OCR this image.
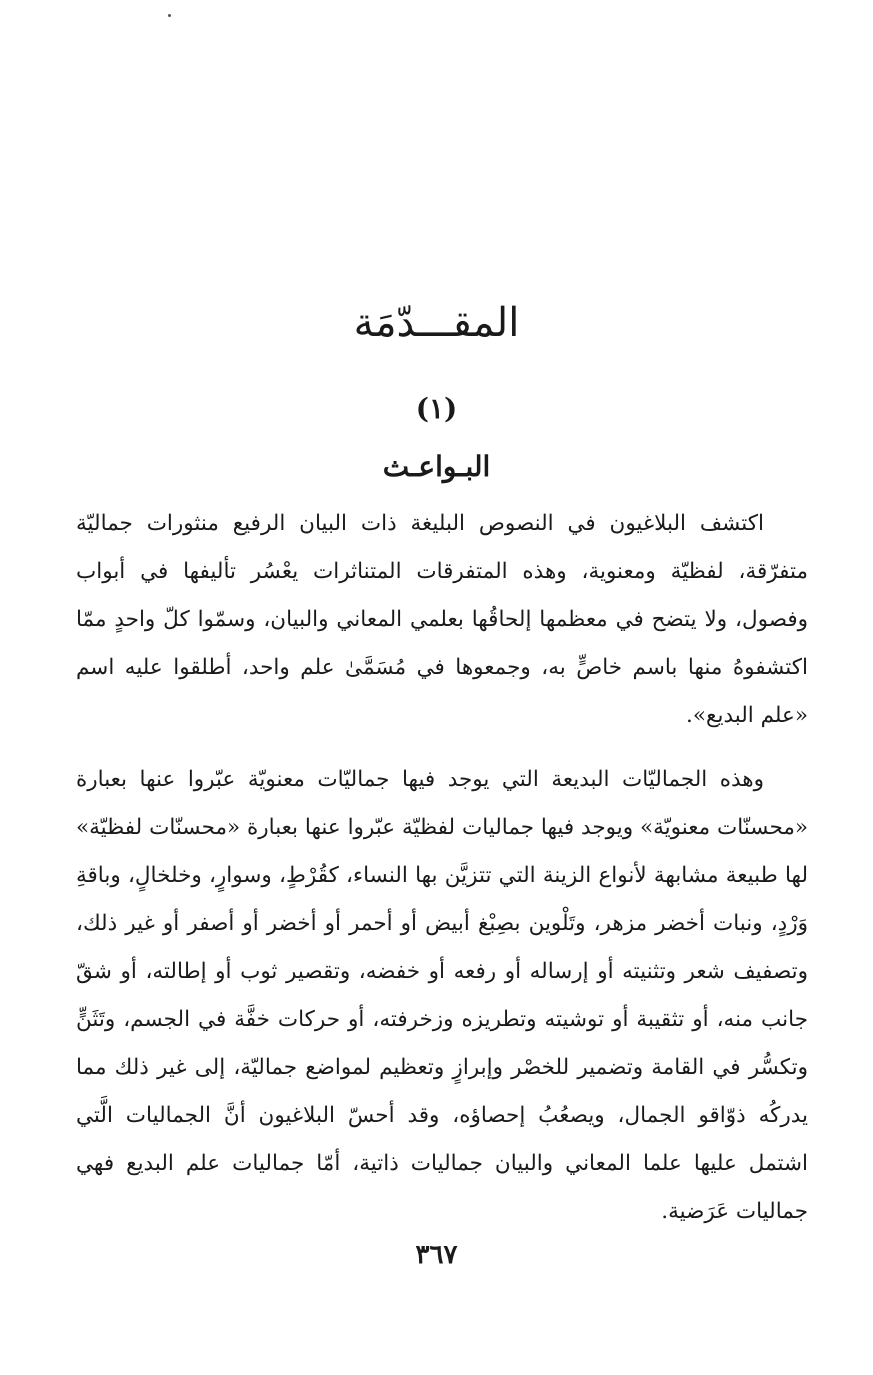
المقـــدّمَة
(١)
البـواعـث

اكتشف البلاغيون في النصوص البليغة ذات البيان الرفيع منثورات جماليّة متفرّقة، لفظيّة ومعنوية، وهذه المتفرقات المتناثرات يعْسُر تأليفها في أبواب وفصول، ولا يتضح في معظمها إلحاقُها بعلمي المعاني والبيان، وسمّوا كلّ واحدٍ ممّا اكتشفوهُ منها باسم خاصٍّ به، وجمعوها في مُسَمَّىٰ علم واحد، أطلقوا عليه اسم «علم البديع».

وهذه الجماليّات البديعة التي يوجد فيها جماليّات معنويّة عبّروا عنها بعبارة «محسنّات معنويّة» ويوجد فيها جماليات لفظيّة عبّروا عنها بعبارة «محسنّات لفظيّة» لها طبيعة مشابهة لأنواع الزينة التي تتزيَّن بها النساء، كقُرْطٍ، وسوارٍ، وخلخالٍ، وباقةِ وَرْدٍ، ونبات أخضر مزهر، وتَلْوين بصِبْغ أبيض أو أحمر أو أخضر أو أصفر أو غير ذلك، وتصفيف شعر وتثنيته أو إرساله أو رفعه أو خفضه، وتقصير ثوب أو إطالته، أو شقّ جانب منه، أو تثقيبة أو توشيته وتطريزه وزخرفته، أو حركات خفَّة في الجسم، وتَثَنٍّ وتكسُّر في القامة وتضمير للخصْر وإبرازٍ وتعظيم لمواضع جماليّة، إلى غير ذلك مما يدركُه ذوّاقو الجمال، ويصعُبُ إحصاؤه، وقد أحسّ البلاغيون أنَّ الجماليات الَّتي اشتمل عليها علما المعاني والبيان جماليات ذاتية، أمّا جماليات علم البديع فهي جماليات عَرَضية.

٣٦٧
